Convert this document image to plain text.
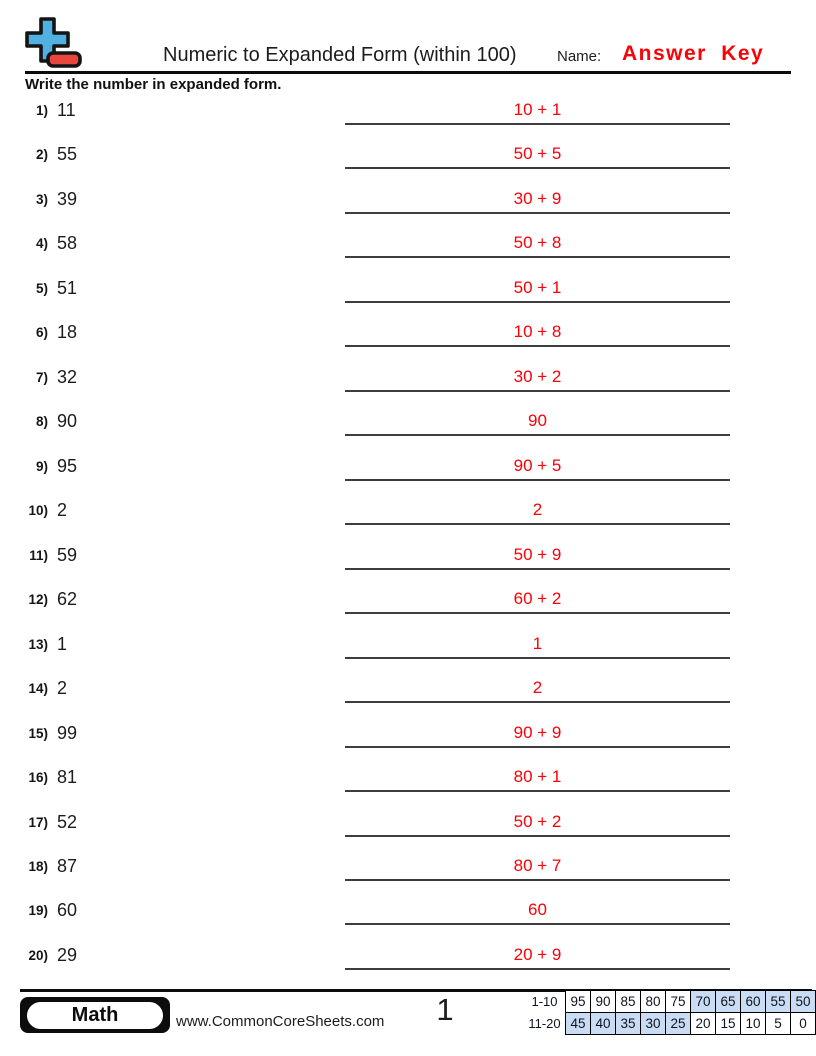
Numeric to Expanded Form (within 100)	Name: Answer Key
Write the number in expanded form.
1) 11	10 + 1
2) 55	50 + 5
3) 39	30 + 9
4) 58	50 + 8
5) 51	50 + 1
6) 18	10 + 8
7) 32	30 + 2
8) 90	90
9) 95	90 + 5
10) 2	2
11) 59	50 + 9
12) 62	60 + 2
13) 1	1
14) 2	2
15) 99	90 + 9
16) 81	80 + 1
17) 52	50 + 2
18) 87	80 + 7
19) 60	60
20) 29	20 + 9
Math	www.CommonCoreSheets.com	1	1-10	95	90	85	80	75	70	65	60	55	50
11-20	45	40	35	30	25	20	15	10	5	0
